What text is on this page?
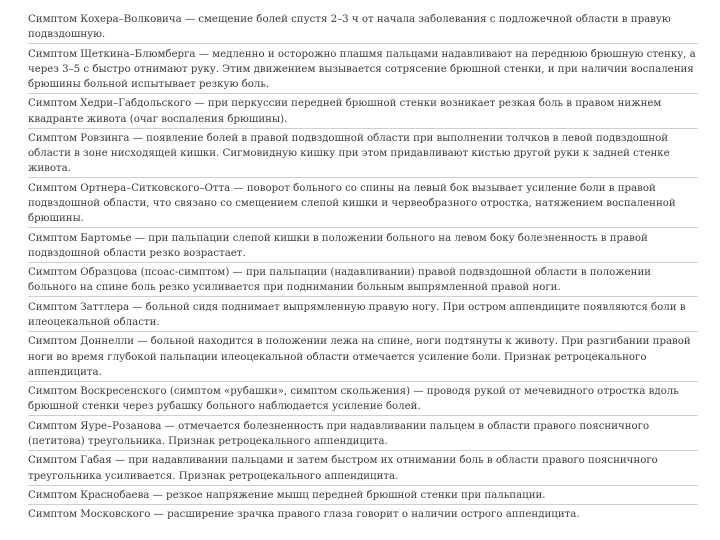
Симптом Кохера–Волковича — смещение болей спустя 2–3 ч от начала заболевания с подложечной области в правую подвздошную.

Симптом Щеткина–Блюмберга — медленно и осторожно плашмя пальцами надавливают на переднюю брюшную стенку, а через 3–5 с быстро отнимают руку. Этим движением вызывается сотрясение брюшной стенки, и при наличии воспаления брюшины больной испытывает резкую боль.

Симптом Хедри–Габдольского — при перкуссии передней брюшной стенки возникает резкая боль в правом нижнем квадранте живота (очаг воспаления брюшины).

Симптом Ровзинга — появление болей в правой подвздошной области при выполнении толчков в левой подвздошной области в зоне нисходящей кишки. Сигмовидную кишку при этом придавливают кистью другой руки к задней стенке живота.

Симптом Ортнера–Ситковского–Отта — поворот больного со спины на левый бок вызывает усиление боли в правой подвздошной области, что связано со смещением слепой кишки и червеобразного отростка, натяжением воспаленной брюшины.

Симптом Бартомье — при пальпации слепой кишки в положении больного на левом боку болезненность в правой подвздошной области резко возрастает.

Симптом Образцова (псоас-симптом) — при пальпации (надавливании) правой подвздошной области в положении больного на спине боль резко усиливается при поднимании больным выпрямленной правой ноги.

Симптом Заттлера — больной сидя поднимает выпрямленную правую ногу. При остром аппендиците появляются боли в илеоцекальной области.

Симптом Доннелли — больной находится в положении лежа на спине, ноги подтянуты к животу. При разгибании правой ноги во время глубокой пальпации илеоцекальной области отмечается усиление боли. Признак ретроцекального аппендицита.

Симптом Воскресенского (симптом «рубашки», симптом скольжения) — проводя рукой от мечевидного отростка вдоль брюшной стенки через рубашку больного наблюдается усиление болей.

Симптом Яуре–Розанова — отмечается болезненность при надавливании пальцем в области правого поясничного (петитова) треугольника. Признак ретроцекального аппендицита.

Симптом Габая — при надавливании пальцами и затем быстром их отнимании боль в области правого поясничного треугольника усиливается. Признак ретроцекального аппендицита.

Симптом Краснобаева — резкое напряжение мышц передней брюшной стенки при пальпации.

Симптом Московского — расширение зрачка правого глаза говорит о наличии острого аппендицита.
